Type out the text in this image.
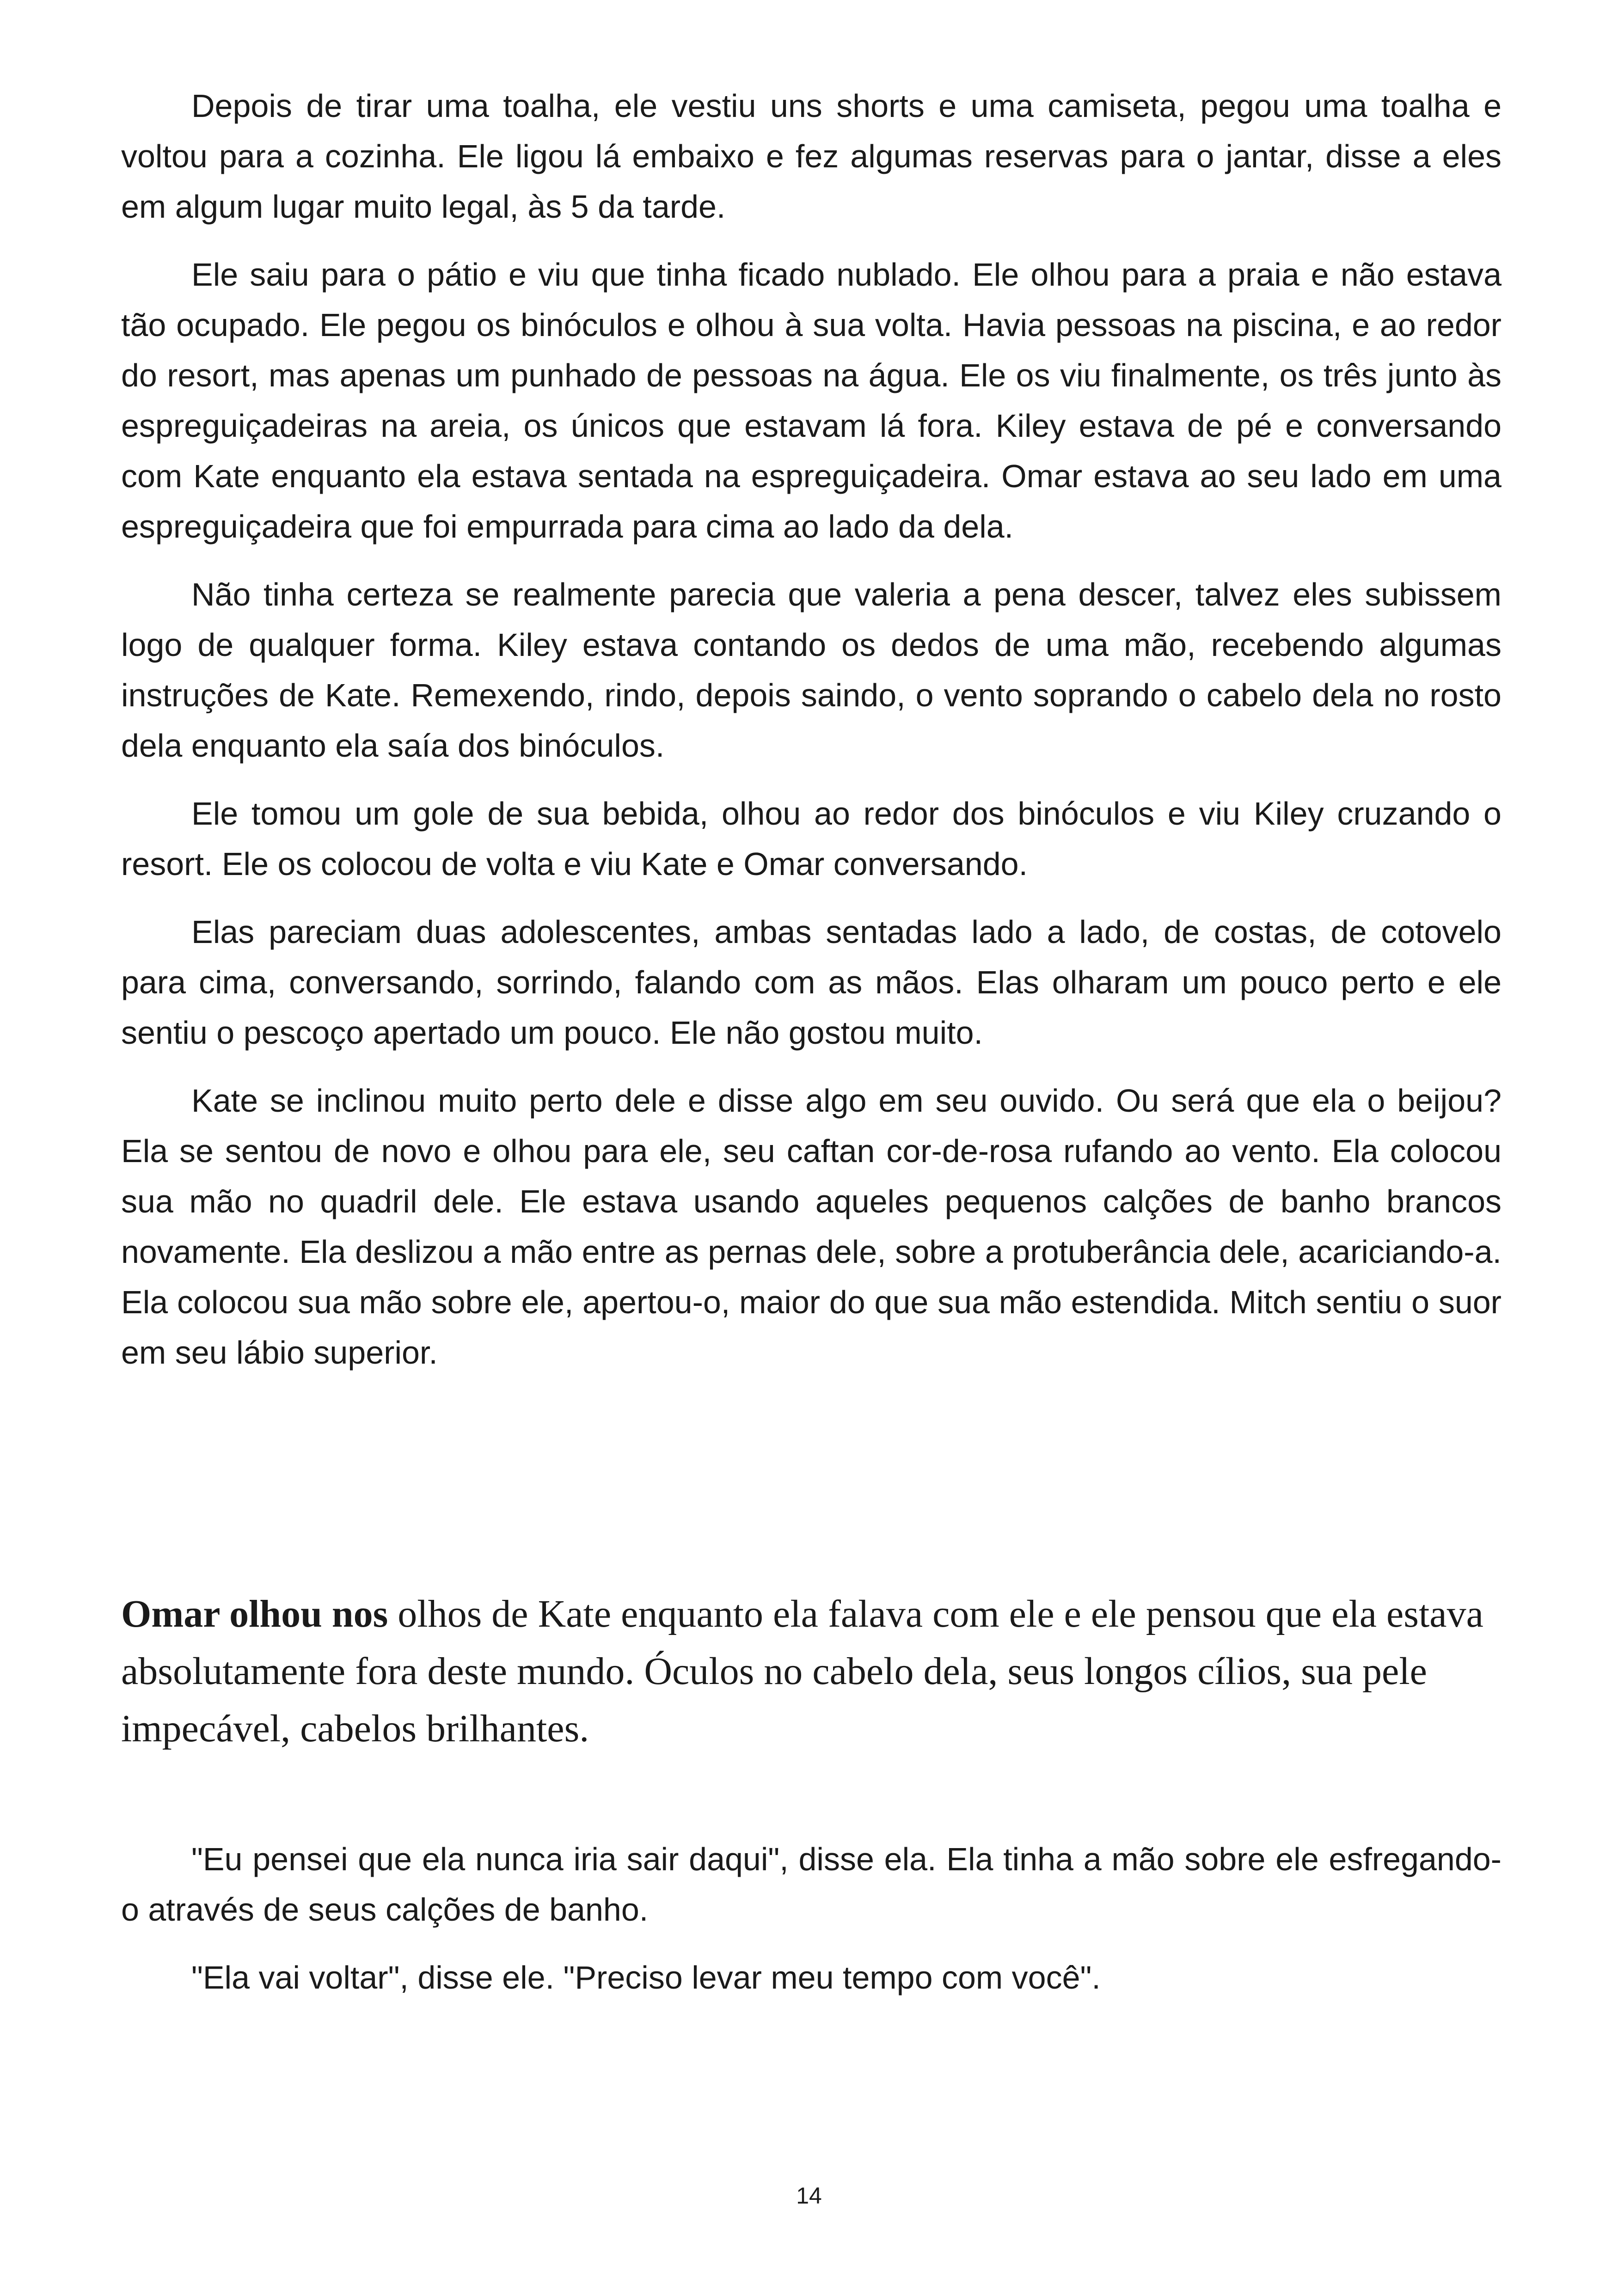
Depois de tirar uma toalha, ele vestiu uns shorts e uma camiseta, pegou uma toalha e voltou para a cozinha. Ele ligou lá embaixo e fez algumas reservas para o jantar, disse a eles em algum lugar muito legal, às 5 da tarde.

Ele saiu para o pátio e viu que tinha ficado nublado. Ele olhou para a praia e não estava tão ocupado. Ele pegou os binóculos e olhou à sua volta. Havia pessoas na piscina, e ao redor do resort, mas apenas um punhado de pessoas na água. Ele os viu finalmente, os três junto às espreguiçadeiras na areia, os únicos que estavam lá fora. Kiley estava de pé e conversando com Kate enquanto ela estava sentada na espreguiçadeira. Omar estava ao seu lado em uma espreguiçadeira que foi empurrada para cima ao lado da dela.

Não tinha certeza se realmente parecia que valeria a pena descer, talvez eles subissem logo de qualquer forma. Kiley estava contando os dedos de uma mão, recebendo algumas instruções de Kate. Remexendo, rindo, depois saindo, o vento soprando o cabelo dela no rosto dela enquanto ela saía dos binóculos.

Ele tomou um gole de sua bebida, olhou ao redor dos binóculos e viu Kiley cruzando o resort. Ele os colocou de volta e viu Kate e Omar conversando.

Elas pareciam duas adolescentes, ambas sentadas lado a lado, de costas, de cotovelo para cima, conversando, sorrindo, falando com as mãos. Elas olharam um pouco perto e ele sentiu o pescoço apertado um pouco. Ele não gostou muito.

Kate se inclinou muito perto dele e disse algo em seu ouvido. Ou será que ela o beijou? Ela se sentou de novo e olhou para ele, seu caftan cor-de-rosa rufando ao vento. Ela colocou sua mão no quadril dele. Ele estava usando aqueles pequenos calções de banho brancos novamente. Ela deslizou a mão entre as pernas dele, sobre a protuberância dele, acariciando-a. Ela colocou sua mão sobre ele, apertou-o, maior do que sua mão estendida. Mitch sentiu o suor em seu lábio superior.

Omar olhou nos olhos de Kate enquanto ela falava com ele e ele pensou que ela estava absolutamente fora deste mundo. Óculos no cabelo dela, seus longos cílios, sua pele impecável, cabelos brilhantes.

"Eu pensei que ela nunca iria sair daqui", disse ela. Ela tinha a mão sobre ele esfregando-o através de seus calções de banho.

"Ela vai voltar", disse ele. "Preciso levar meu tempo com você".

14
